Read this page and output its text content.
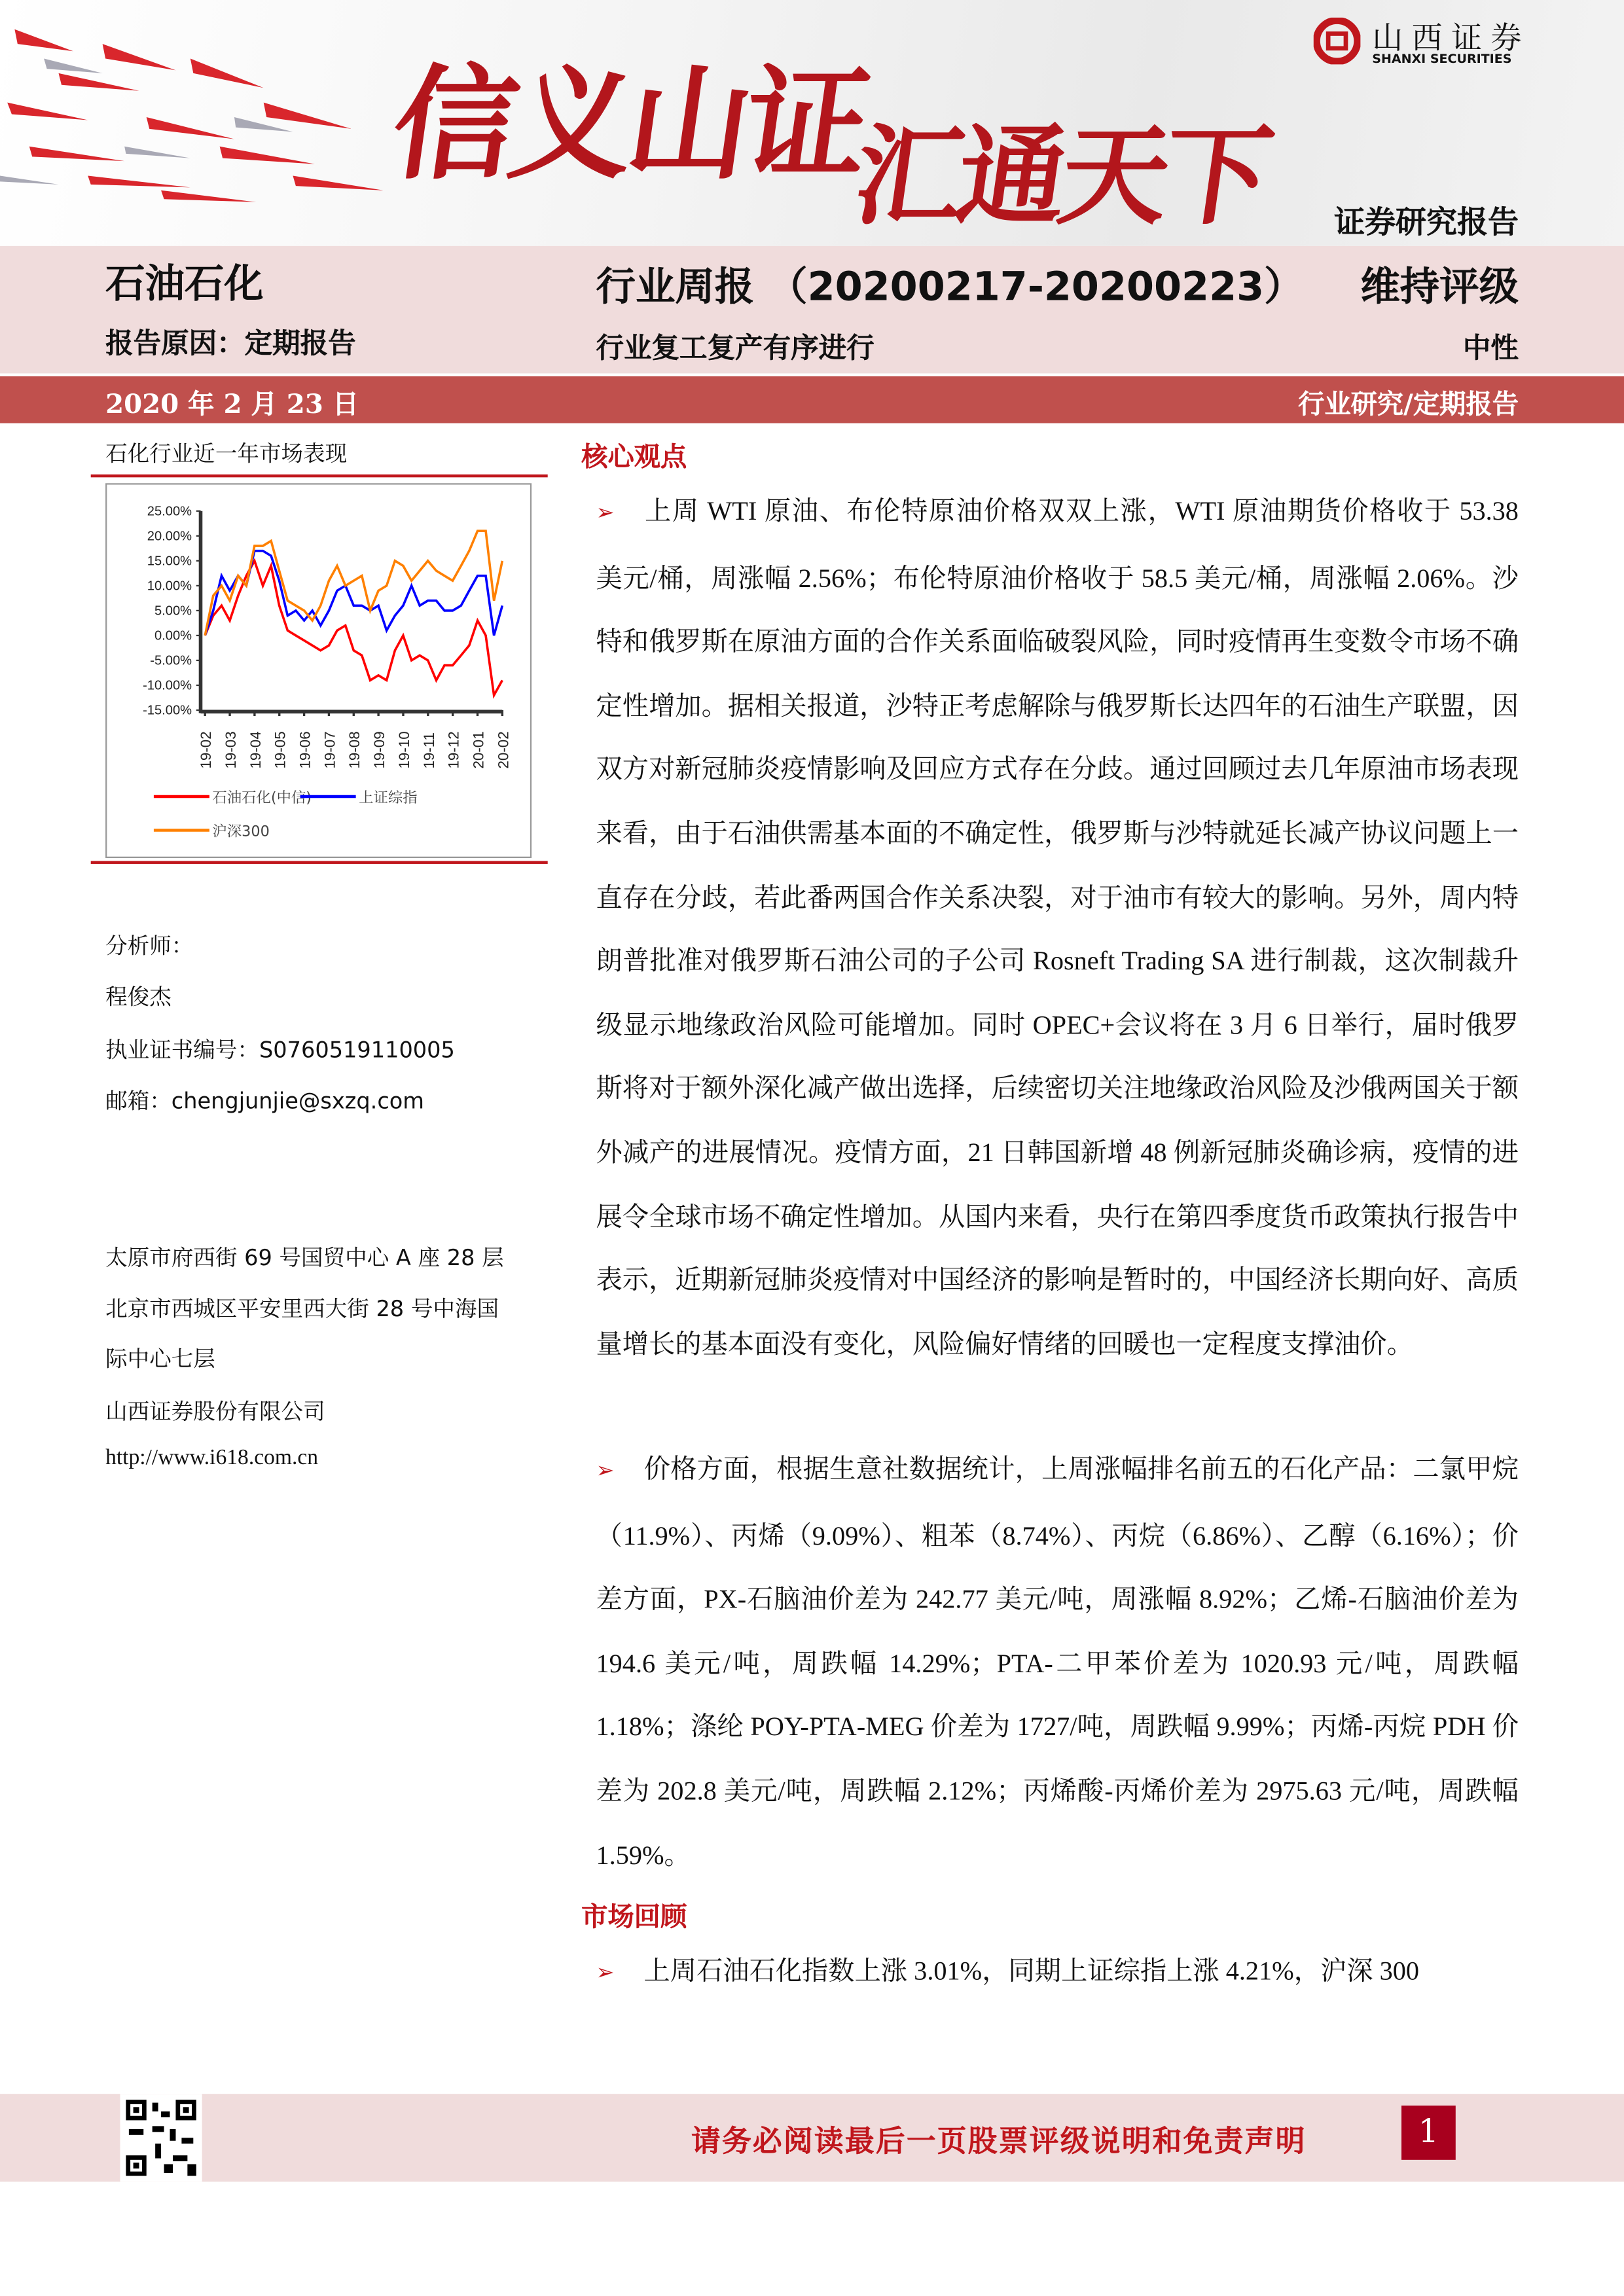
信义山证
汇通天下
山西证券
SHANXI SECURITIES
证券研究报告
石油石化	行业周报 （20200217-20200223）	维持评级
报告原因：定期报告	行业复工复产有序进行	中性
2020 年 2 月 23 日	行业研究/定期报告
石化行业近一年市场表现
25.00%
20.00%
15.00%
10.00%
5.00%
0.00%
-5.00%
-10.00%
-15.00%
19-02 19-03 19-04 19-05 19-06 19-07 19-08 19-09 19-10 19-11 19-12 20-01 20-02
石油石化(中信)	上证综指
沪深300
分析师：
程俊杰
执业证书编号：S0760519110005
邮箱：chengjunjie@sxzq.com
太原市府西街 69 号国贸中心 A 座 28 层
北京市西城区平安里西大街 28 号中海国
际中心七层
山西证券股份有限公司
http://www.i618.com.cn
核心观点
➢ 上周 WTI 原油、布伦特原油价格双双上涨，WTI 原油期货价格收于 53.38 美元/桶，周涨幅 2.56%；布伦特原油价格收于 58.5 美元/桶，周涨幅 2.06%。沙特和俄罗斯在原油方面的合作关系面临破裂风险，同时疫情再生变数令市场不确定性增加。据相关报道，沙特正考虑解除与俄罗斯长达四年的石油生产联盟，因双方对新冠肺炎疫情影响及回应方式存在分歧。通过回顾过去几年原油市场表现来看，由于石油供需基本面的不确定性，俄罗斯与沙特就延长减产协议问题上一直存在分歧，若此番两国合作关系决裂，对于油市有较大的影响。另外，周内特朗普批准对俄罗斯石油公司的子公司 Rosneft Trading SA 进行制裁，这次制裁升级显示地缘政治风险可能增加。同时 OPEC+会议将在 3 月 6 日举行，届时俄罗斯将对于额外深化减产做出选择，后续密切关注地缘政治风险及沙俄两国关于额外减产的进展情况。疫情方面，21 日韩国新增 48 例新冠肺炎确诊病，疫情的进展令全球市场不确定性增加。从国内来看，央行在第四季度货币政策执行报告中表示，近期新冠肺炎疫情对中国经济的影响是暂时的，中国经济长期向好、高质量增长的基本面没有变化，风险偏好情绪的回暖也一定程度支撑油价。
➢ 价格方面，根据生意社数据统计，上周涨幅排名前五的石化产品：二氯甲烷（11.9%）、丙烯（9.09%）、粗苯（8.74%）、丙烷（6.86%）、乙醇（6.16%）；价差方面，PX-石脑油价差为 242.77 美元/吨，周涨幅 8.92%；乙烯-石脑油价差为 194.6 美元/吨，周跌幅 14.29%；PTA-二甲苯价差为 1020.93 元/吨，周跌幅 1.18%；涤纶 POY-PTA-MEG 价差为 1727/吨，周跌幅 9.99%；丙烯-丙烷 PDH 价差为 202.8 美元/吨，周跌幅 2.12%；丙烯酸-丙烯价差为 2975.63 元/吨，周跌幅 1.59%。
市场回顾
➢ 上周石油石化指数上涨 3.01%，同期上证综指上涨 4.21%，沪深 300
请务必阅读最后一页股票评级说明和免责声明	1
